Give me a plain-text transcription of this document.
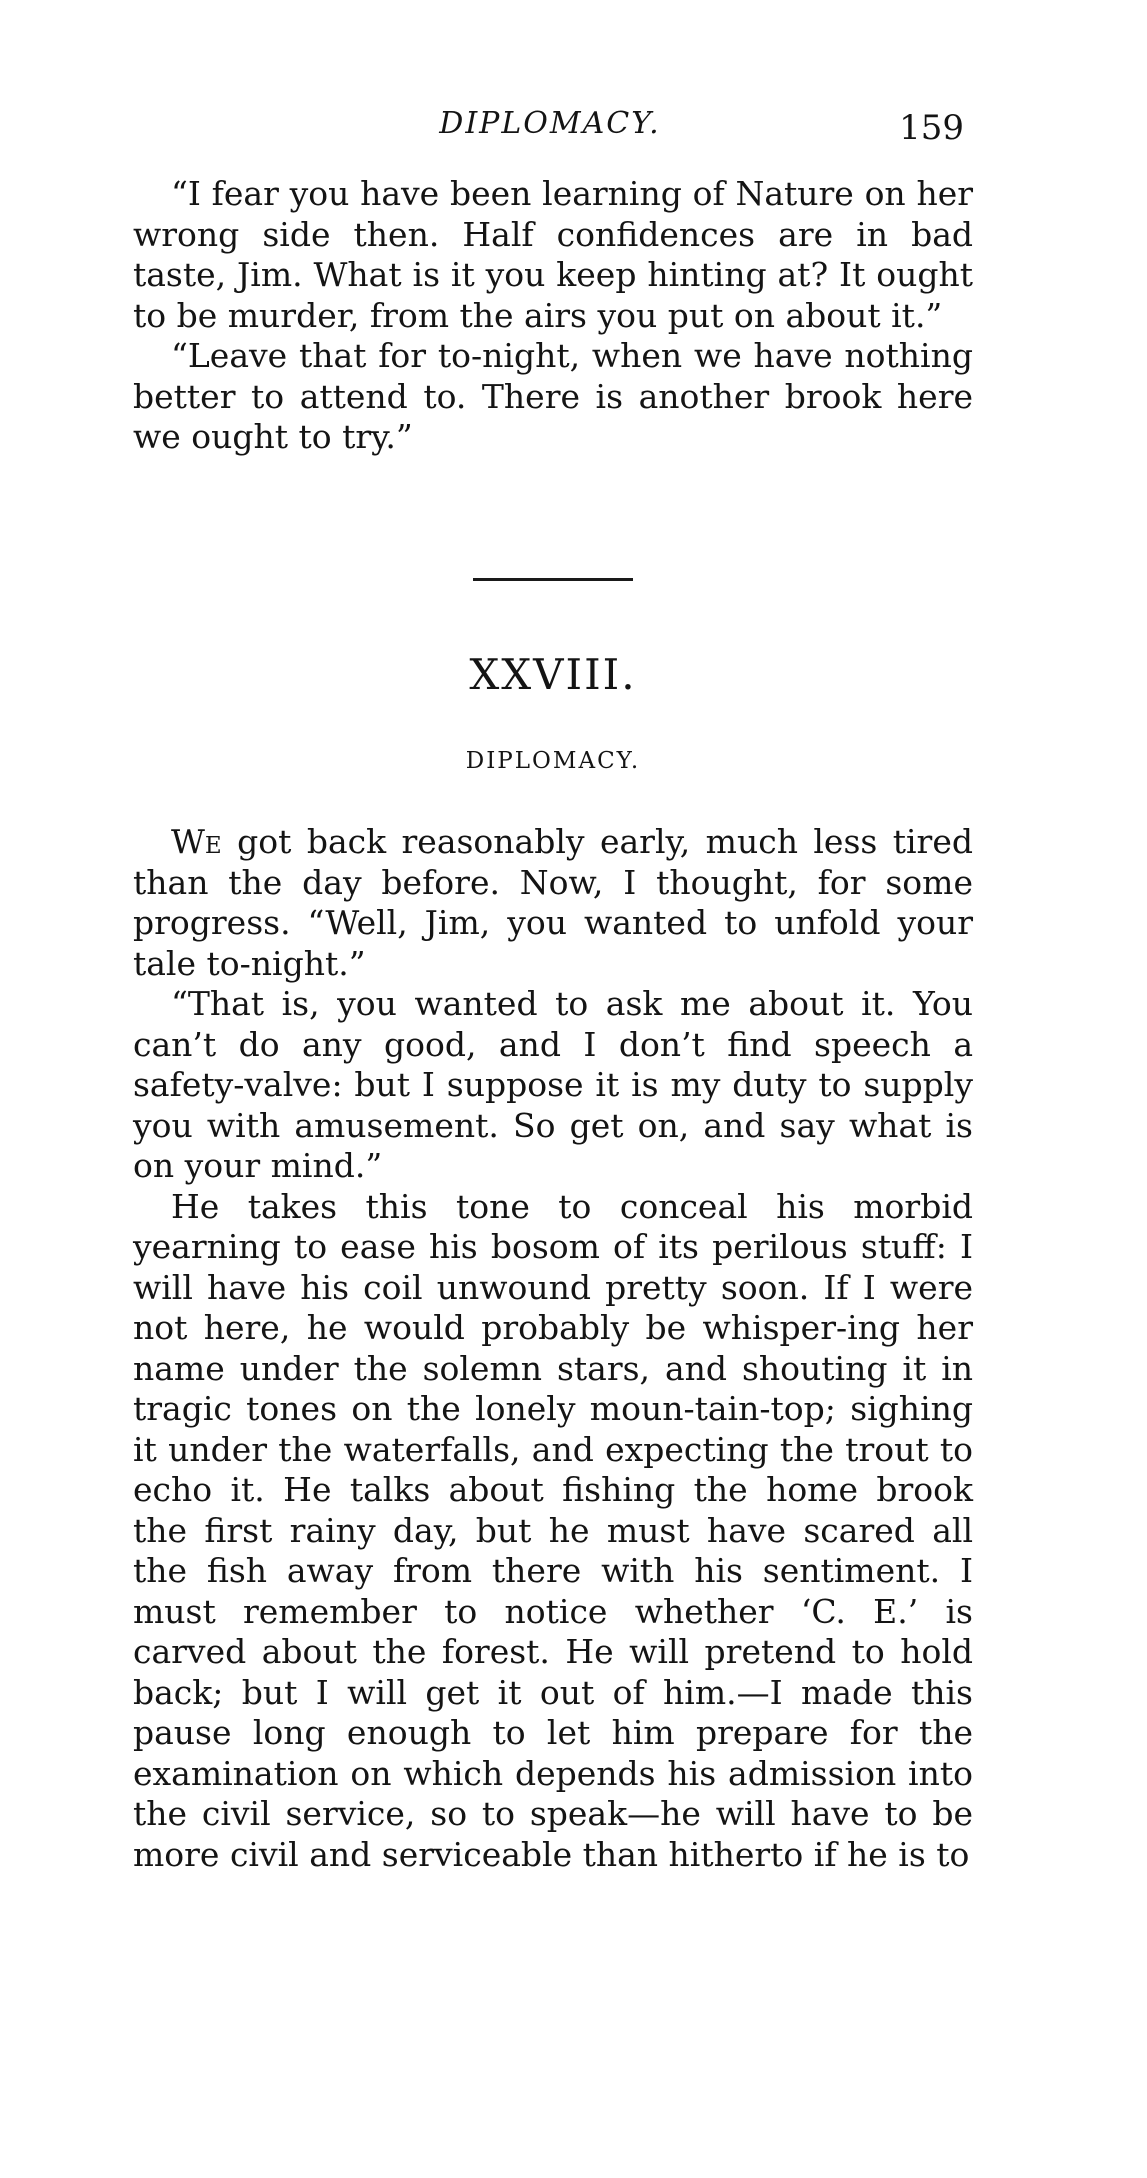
DIPLOMACY.	159

“I fear you have been learning of Nature on her wrong side then. Half confidences are in bad taste, Jim. What is it you keep hinting at? It ought to be murder, from the airs you put on about it.”

“Leave that for to-night, when we have nothing better to attend to. There is another brook here we ought to try.”

XXVIII.
DIPLOMACY.

We got back reasonably early, much less tired than the day before. Now, I thought, for some progress. “Well, Jim, you wanted to unfold your tale to-night.”

“That is, you wanted to ask me about it. You can’t do any good, and I don’t find speech a safety-valve: but I suppose it is my duty to supply you with amusement. So get on, and say what is on your mind.”

He takes this tone to conceal his morbid yearning to ease his bosom of its perilous stuff: I will have his coil unwound pretty soon. If I were not here, he would probably be whisper-ing her name under the solemn stars, and shouting it in tragic tones on the lonely moun-tain-top; sighing it under the waterfalls, and expecting the trout to echo it. He talks about fishing the home brook the first rainy day, but he must have scared all the fish away from there with his sentiment. I must remember to notice whether ‘C. E.’ is carved about the forest. He will pretend to hold back; but I will get it out of him.—I made this pause long enough to let him prepare for the examination on which depends his admission into the civil service, so to speak—he will have to be more civil and serviceable than hitherto if he is to
